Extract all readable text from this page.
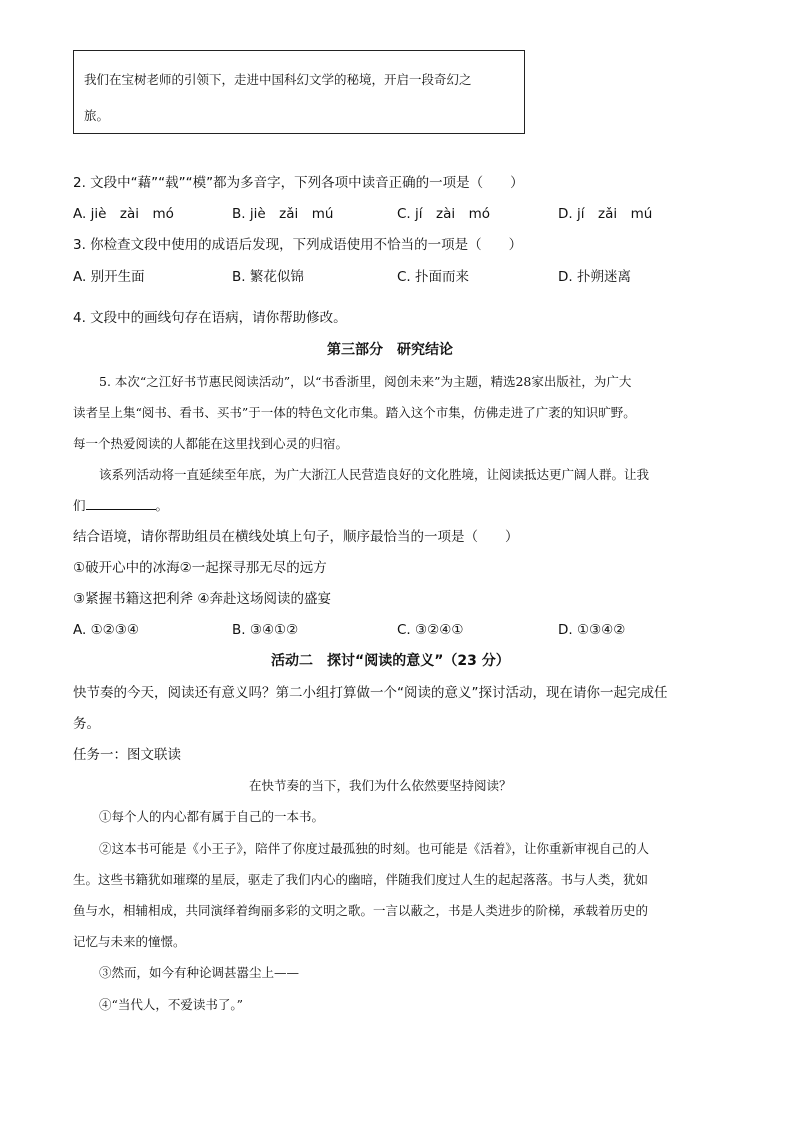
我们在宝树老师的引领下，走进中国科幻文学的秘境，开启一段奇幻之
旅。
2. 文段中“藉”“载”“模”都为多音字，下列各项中读音正确的一项是（　　）
A. jiè　zài　mó	B. jiè　zǎi　mú	C. jí　zài　mó	D. jí　zǎi　mú
3. 你检查文段中使用的成语后发现，下列成语使用不恰当的一项是（　　）
A. 别开生面	B. 繁花似锦	C. 扑面而来	D. 扑朔迷离
4. 文段中的画线句存在语病，请你帮助修改。
第三部分　研究结论
5. 本次“之江好书节惠民阅读活动”，以“书香浙里，阅创未来”为主题，精选28家出版社，为广大
读者呈上集“阅书、看书、买书”于一体的特色文化市集。踏入这个市集，仿佛走进了广袤的知识旷野。
每一个热爱阅读的人都能在这里找到心灵的归宿。
该系列活动将一直延续至年底，为广大浙江人民营造良好的文化胜境，让阅读抵达更广阔人群。让我
们	。
结合语境，请你帮助组员在横线处填上句子，顺序最恰当的一项是（　　）
①破开心中的冰海②一起探寻那无尽的远方
③紧握书籍这把利斧 ④奔赴这场阅读的盛宴
A. ①②③④	B. ③④①②	C. ③②④①	D. ①③④②
活动二　探讨“阅读的意义”（23 分）
快节奏的今天，阅读还有意义吗？第二小组打算做一个“阅读的意义”探讨活动，现在请你一起完成任
务。
任务一：图文联读
在快节奏的当下，我们为什么依然要坚持阅读？
①每个人的内心都有属于自己的一本书。
②这本书可能是《小王子》，陪伴了你度过最孤独的时刻。也可能是《活着》，让你重新审视自己的人
生。这些书籍犹如璀璨的星辰，驱走了我们内心的幽暗，伴随我们度过人生的起起落落。书与人类，犹如
鱼与水，相辅相成，共同演绎着绚丽多彩的文明之歌。一言以蔽之，书是人类进步的阶梯，承载着历史的
记忆与未来的憧憬。
③然而，如今有种论调甚嚣尘上——
④“当代人，不爱读书了。”
